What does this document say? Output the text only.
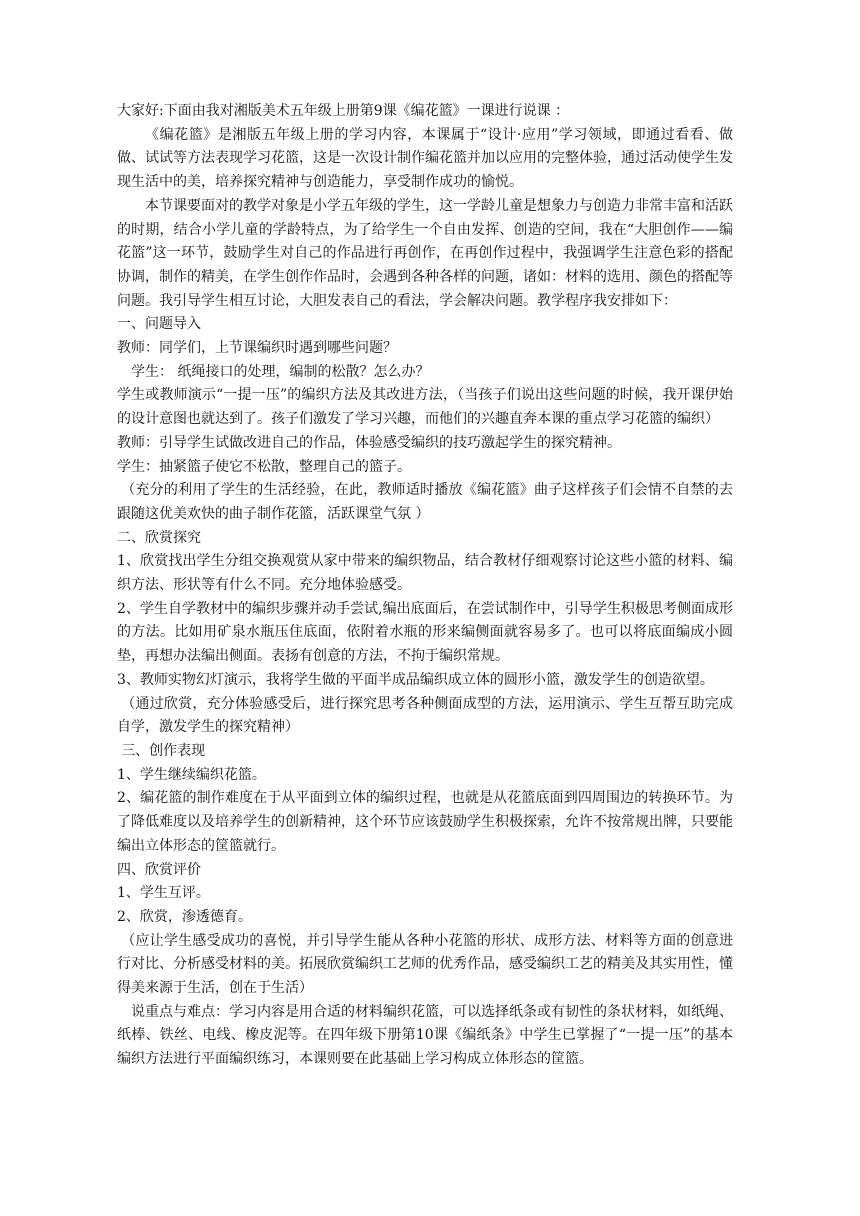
大家好:下面由我对湘版美术五年级上册第9课《编花篮》一课进行说课 ：

《编花篮》是湘版五年级上册的学习内容，本课属于“设计·应用”学习领域，即通过看看、做做、试试等方法表现学习花篮，这是一次设计制作编花篮并加以应用的完整体验，通过活动使学生发现生活中的美，培养探究精神与创造能力，享受制作成功的愉悦。

本节课要面对的教学对象是小学五年级的学生，这一学龄儿童是想象力与创造力非常丰富和活跃的时期，结合小学儿童的学龄特点，为了给学生一个自由发挥、创造的空间，我在“大胆创作——编花篮”这一环节，鼓励学生对自己的作品进行再创作，在再创作过程中，我强调学生注意色彩的搭配协调，制作的精美，在学生创作作品时，会遇到各种各样的问题，诸如：材料的选用、颜色的搭配等问题。我引导学生相互讨论，大胆发表自己的看法，学会解决问题。教学程序我安排如下：

一、问题导入

教师：同学们，上节课编织时遇到哪些问题？

学生： 纸绳接口的处理，编制的松散？怎么办？

学生或教师演示“一提一压”的编织方法及其改进方法，（当孩子们说出这些问题的时候，我开课伊始的设计意图也就达到了。孩子们激发了学习兴趣，而他们的兴趣直奔本课的重点学习花篮的编织）

教师：引导学生试做改进自己的作品，体验感受编织的技巧激起学生的探究精神。

学生：抽紧篮子使它不松散，整理自己的篮子。

（充分的利用了学生的生活经验，在此，教师适时播放《编花篮》曲子这样孩子们会情不自禁的去跟随这优美欢快的曲子制作花篮，活跃课堂气氛 ）

二、欣赏探究

1、欣赏找出学生分组交换观赏从家中带来的编织物品，结合教材仔细观察讨论这些小篮的材料、编织方法、形状等有什么不同。充分地体验感受。

2、学生自学教材中的编织步骤并动手尝试,编出底面后，在尝试制作中，引导学生积极思考侧面成形的方法。比如用矿泉水瓶压住底面，依附着水瓶的形来编侧面就容易多了。也可以将底面编成小圆垫，再想办法编出侧面。表扬有创意的方法，不拘于编织常规。

3、教师实物幻灯演示，我将学生做的平面半成品编织成立体的圆形小篮，激发学生的创造欲望。

（通过欣赏，充分体验感受后，进行探究思考各种侧面成型的方法，运用演示、学生互帮互助完成自学，激发学生的探究精神）

三、创作表现

1、学生继续编织花篮。

2、编花篮的制作难度在于从平面到立体的编织过程，也就是从花篮底面到四周围边的转换环节。为了降低难度以及培养学生的创新精神，这个环节应该鼓励学生积极探索，允许不按常规出牌，只要能编出立体形态的筐篮就行。

四、欣赏评价

1、学生互评。

2、欣赏，渗透德育。

（应让学生感受成功的喜悦，并引导学生能从各种小花篮的形状、成形方法、材料等方面的创意进行对比、分析感受材料的美。拓展欣赏编织工艺师的优秀作品，感受编织工艺的精美及其实用性，懂得美来源于生活，创在于生活）

说重点与难点：学习内容是用合适的材料编织花篮，可以选择纸条或有韧性的条状材料，如纸绳、纸棒、铁丝、电线、橡皮泥等。在四年级下册第10课《编纸条》中学生已掌握了“一提一压”的基本编织方法进行平面编织练习，本课则要在此基础上学习构成立体形态的筐篮。
